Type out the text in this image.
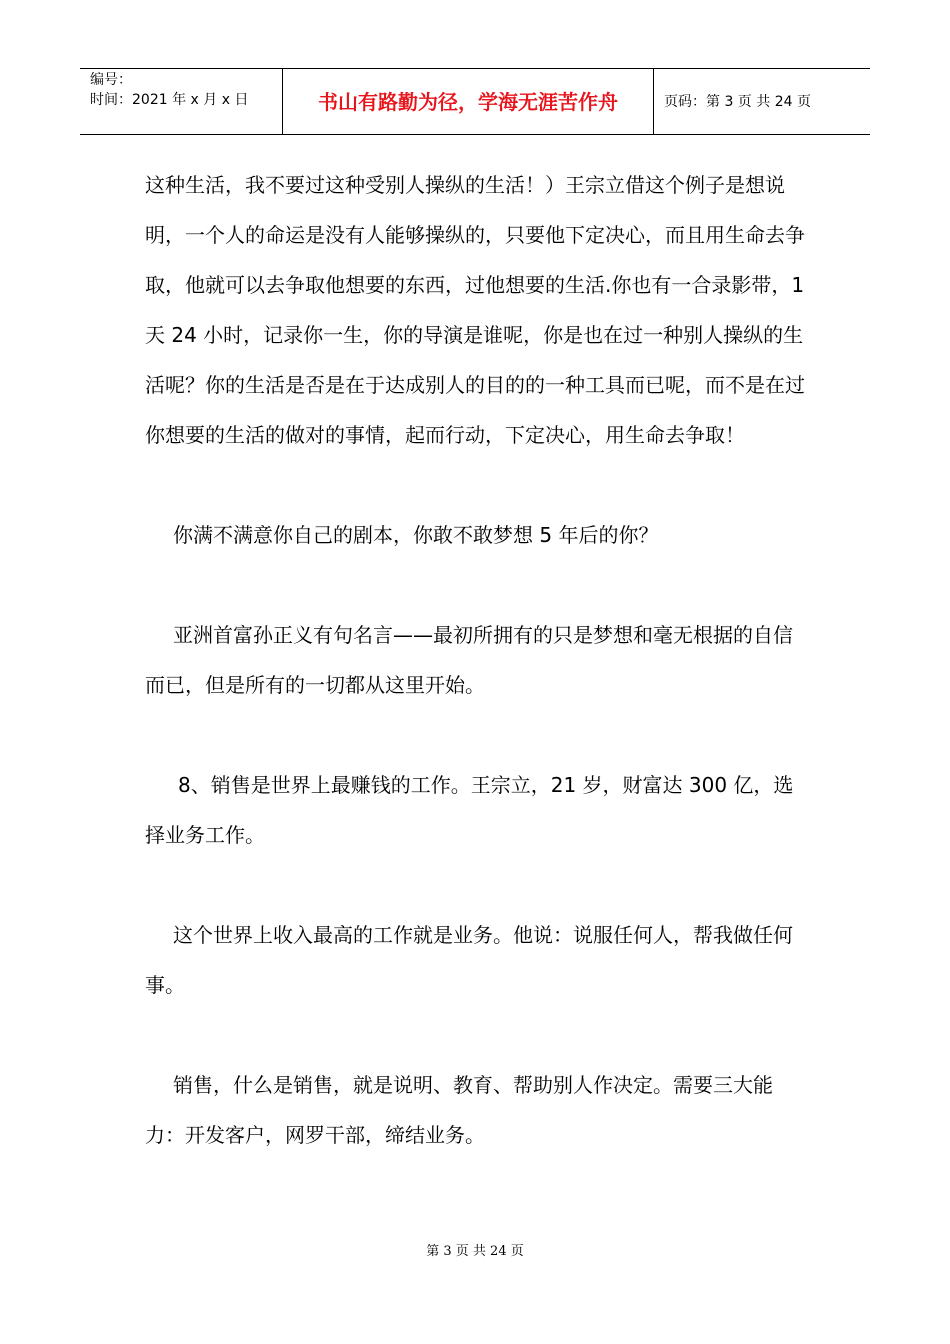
编号：
时间：2021 年 x 月 x 日	书山有路勤为径，学海无涯苦作舟	页码：第 3 页 共 24 页

这种生活，我不要过这种受别人操纵的生活！）王宗立借这个例子是想说明，一个人的命运是没有人能够操纵的，只要他下定决心，而且用生命去争取，他就可以去争取他想要的东西，过他想要的生活.你也有一合录影带，1 天 24 小时，记录你一生，你的导演是谁呢，你是也在过一种别人操纵的生活呢？你的生活是否是在于达成别人的目的的一种工具而已呢，而不是在过你想要的生活的做对的事情，起而行动，下定决心，用生命去争取！

你满不满意你自己的剧本，你敢不敢梦想 5 年后的你？

亚洲首富孙正义有句名言——最初所拥有的只是梦想和毫无根据的自信而已，但是所有的一切都从这里开始。

8、销售是世界上最赚钱的工作。王宗立，21 岁，财富达 300 亿，选择业务工作。

这个世界上收入最高的工作就是业务。他说：说服任何人，帮我做任何事。

销售，什么是销售，就是说明、教育、帮助别人作决定。需要三大能力：开发客户，网罗干部，缔结业务。

第 3 页 共 24 页
